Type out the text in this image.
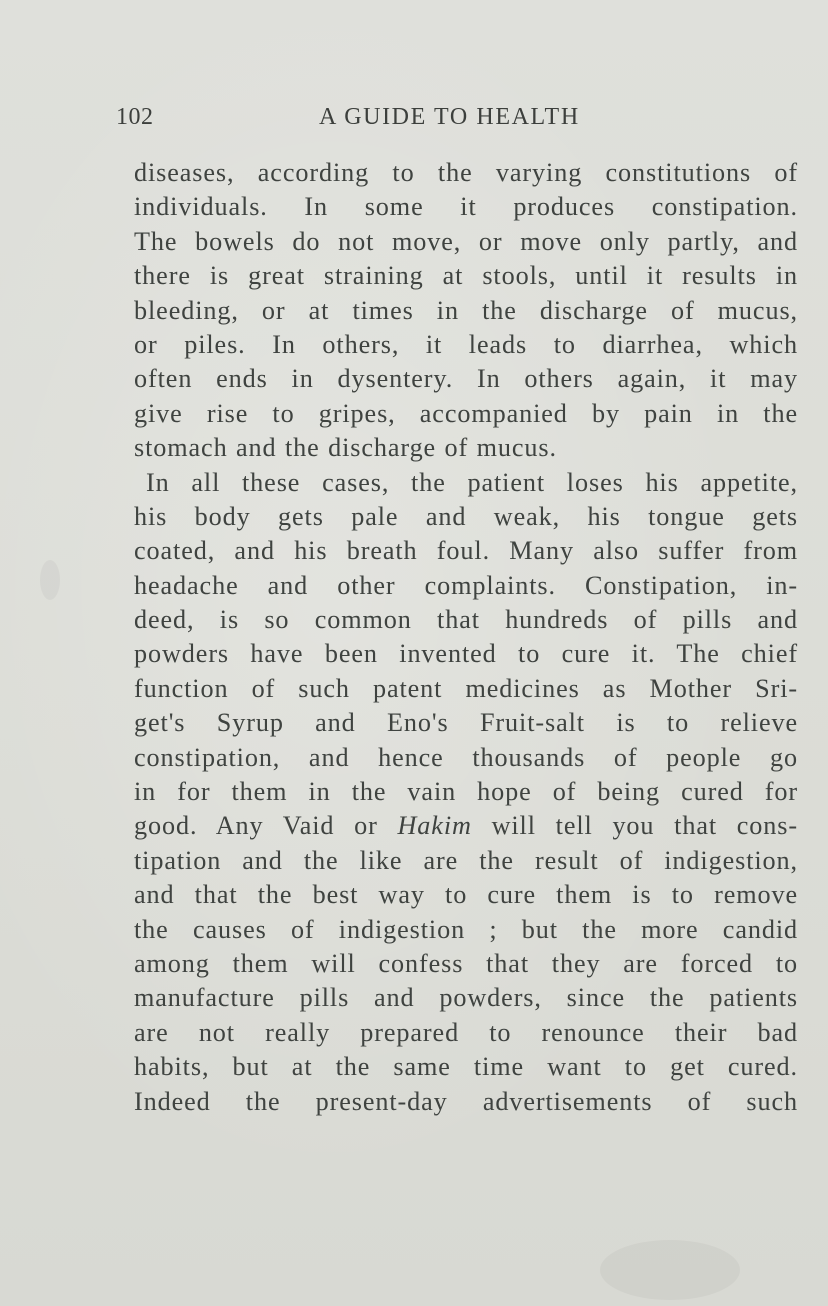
102	A GUIDE TO HEALTH
diseases, according to the varying constitutions of
individuals. In some it produces constipation.
The bowels do not move, or move only partly, and
there is great straining at stools, until it results in
bleeding, or at times in the discharge of mucus,
or piles. In others, it leads to diarrhea, which
often ends in dysentery. In others again, it may
give rise to gripes, accompanied by pain in the
stomach and the discharge of mucus.
In all these cases, the patient loses his appetite,
his body gets pale and weak, his tongue gets
coated, and his breath foul. Many also suffer from
headache and other complaints. Constipation, in-
deed, is so common that hundreds of pills and
powders have been invented to cure it. The chief
function of such patent medicines as Mother Sri-
get's Syrup and Eno's Fruit-salt is to relieve
constipation, and hence thousands of people go
in for them in the vain hope of being cured for
good. Any Vaid or Hakim will tell you that cons-
tipation and the like are the result of indigestion,
and that the best way to cure them is to remove
the causes of indigestion ; but the more candid
among them will confess that they are forced to
manufacture pills and powders, since the patients
are not really prepared to renounce their bad
habits, but at the same time want to get cured.
Indeed the present-day advertisements of such
